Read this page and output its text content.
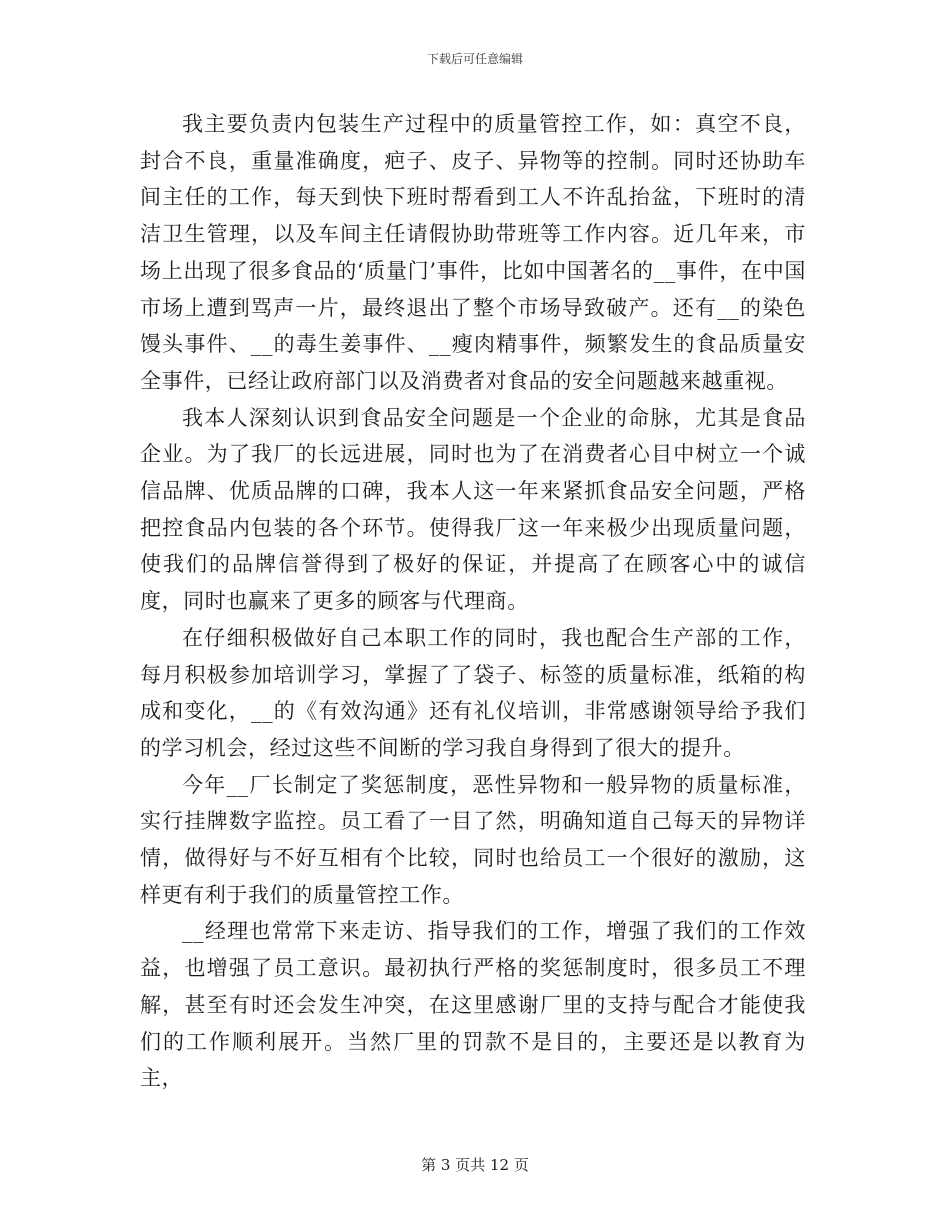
下载后可任意编辑

我主要负责内包装生产过程中的质量管控工作，如：真空不良，封合不良，重量准确度，疤子、皮子、异物等的控制。同时还协助车间主任的工作，每天到快下班时帮看到工人不许乱抬盆，下班时的清洁卫生管理，以及车间主任请假协助带班等工作内容。近几年来，市场上出现了很多食品的‘质量门’事件，比如中国著名的__事件，在中国市场上遭到骂声一片，最终退出了整个市场导致破产。还有__的染色馒头事件、__的毒生姜事件、__瘦肉精事件，频繁发生的食品质量安全事件，已经让政府部门以及消费者对食品的安全问题越来越重视。

我本人深刻认识到食品安全问题是一个企业的命脉，尤其是食品企业。为了我厂的长远进展，同时也为了在消费者心目中树立一个诚信品牌、优质品牌的口碑，我本人这一年来紧抓食品安全问题，严格把控食品内包装的各个环节。使得我厂这一年来极少出现质量问题，使我们的品牌信誉得到了极好的保证，并提高了在顾客心中的诚信度，同时也赢来了更多的顾客与代理商。

在仔细积极做好自己本职工作的同时，我也配合生产部的工作，每月积极参加培训学习，掌握了了袋子、标签的质量标准，纸箱的构成和变化，__的《有效沟通》还有礼仪培训，非常感谢领导给予我们的学习机会，经过这些不间断的学习我自身得到了很大的提升。

今年__厂长制定了奖惩制度，恶性异物和一般异物的质量标准，实行挂牌数字监控。员工看了一目了然，明确知道自己每天的异物详情，做得好与不好互相有个比较，同时也给员工一个很好的激励，这样更有利于我们的质量管控工作。

__经理也常常下来走访、指导我们的工作，增强了我们的工作效益，也增强了员工意识。最初执行严格的奖惩制度时，很多员工不理解，甚至有时还会发生冲突，在这里感谢厂里的支持与配合才能使我们的工作顺利展开。当然厂里的罚款不是目的，主要还是以教育为主，

第 3 页共 12 页
